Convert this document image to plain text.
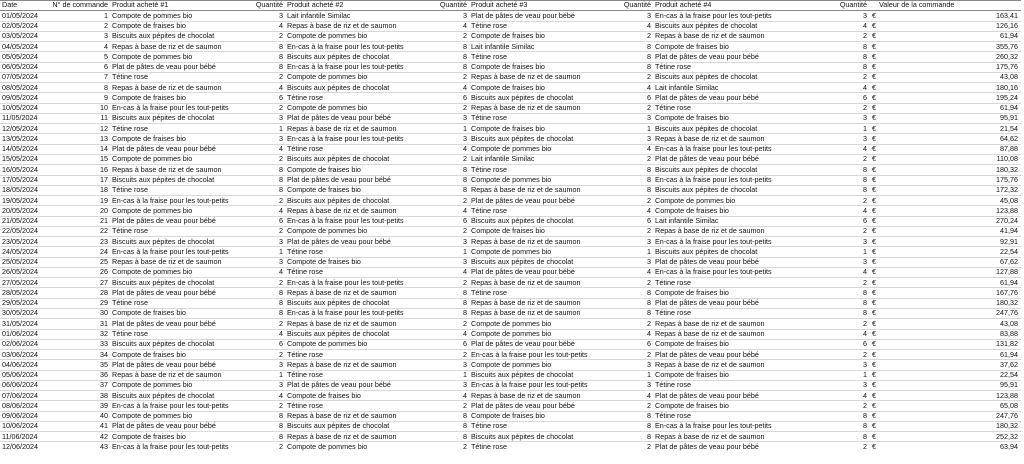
Date	N° de commande	Produit acheté #1	Quantité	Produit acheté #2	Quantité	Produit acheté #3	Quantité	Produit acheté #4	Quantité	Valeur de la commande	
01/05/2024	1	Compote de pommes bio	3	Lait infantile Similac	3	Plat de pâtes de veau pour bébé	3	En-cas à la fraise pour les tout-petits	3	€	163,41
02/05/2024	2	Compote de fraises bio	4	Repas à base de riz et de saumon	4	Tétine rose	4	Biscuits aux pépites de chocolat	4	€	126,16
03/05/2024	3	Biscuits aux pépites de chocolat	2	Compote de pommes bio	2	Compote de fraises bio	2	Repas à base de riz et de saumon	2	€	61,94
04/05/2024	4	Repas à base de riz et de saumon	8	En-cas à la fraise pour les tout-petits	8	Lait infantile Similac	8	Compote de fraises bio	8	€	355,76
05/05/2024	5	Compote de pommes bio	8	Biscuits aux pépites de chocolat	8	Tétine rose	8	Plat de pâtes de veau pour bébé	8	€	260,32
06/05/2024	6	Plat de pâtes de veau pour bébé	8	En-cas à la fraise pour les tout-petits	8	Compote de fraises bio	8	Tétine rose	8	€	175,76
07/05/2024	7	Tétine rose	2	Compote de pommes bio	2	Repas à base de riz et de saumon	2	Biscuits aux pépites de chocolat	2	€	43,08
08/05/2024	8	Repas à base de riz et de saumon	4	Biscuits aux pépites de chocolat	4	Compote de fraises bio	4	Lait infantile Similac	4	€	180,16
09/05/2024	9	Compote de fraises bio	6	Tétine rose	6	Biscuits aux pépites de chocolat	6	Plat de pâtes de veau pour bébé	6	€	195,24
10/05/2024	10	En-cas à la fraise pour les tout-petits	2	Compote de pommes bio	2	Repas à base de riz et de saumon	2	Tétine rose	2	€	61,94
11/05/2024	11	Biscuits aux pépites de chocolat	3	Plat de pâtes de veau pour bébé	3	Tétine rose	3	Compote de fraises bio	3	€	95,91
12/05/2024	12	Tétine rose	1	Repas à base de riz et de saumon	1	Compote de fraises bio	1	Biscuits aux pépites de chocolat	1	€	21,54
13/05/2024	13	Compote de fraises bio	3	En-cas à la fraise pour les tout-petits	3	Biscuits aux pépites de chocolat	3	Repas à base de riz et de saumon	3	€	64,62
14/05/2024	14	Plat de pâtes de veau pour bébé	4	Tétine rose	4	Compote de pommes bio	4	En-cas à la fraise pour les tout-petits	4	€	87,88
15/05/2024	15	Compote de pommes bio	2	Biscuits aux pépites de chocolat	2	Lait infantile Similac	2	Plat de pâtes de veau pour bébé	2	€	110,08
16/05/2024	16	Repas à base de riz et de saumon	8	Compote de fraises bio	8	Tétine rose	8	Biscuits aux pépites de chocolat	8	€	180,32
17/05/2024	17	Biscuits aux pépites de chocolat	8	Plat de pâtes de veau pour bébé	8	Compote de pommes bio	8	En-cas à la fraise pour les tout-petits	8	€	175,76
18/05/2024	18	Tétine rose	8	Compote de fraises bio	8	Repas à base de riz et de saumon	8	Biscuits aux pépites de chocolat	8	€	172,32
19/05/2024	19	En-cas à la fraise pour les tout-petits	2	Biscuits aux pépites de chocolat	2	Plat de pâtes de veau pour bébé	2	Compote de pommes bio	2	€	45,08
20/05/2024	20	Compote de pommes bio	4	Repas à base de riz et de saumon	4	Tétine rose	4	Compote de fraises bio	4	€	123,88
21/05/2024	21	Plat de pâtes de veau pour bébé	6	En-cas à la fraise pour les tout-petits	6	Biscuits aux pépites de chocolat	6	Lait infantile Similac	6	€	270,24
22/05/2024	22	Tétine rose	2	Compote de pommes bio	2	Compote de fraises bio	2	Repas à base de riz et de saumon	2	€	41,94
23/05/2024	23	Biscuits aux pépites de chocolat	3	Plat de pâtes de veau pour bébé	3	Repas à base de riz et de saumon	3	En-cas à la fraise pour les tout-petits	3	€	92,91
24/05/2024	24	En-cas à la fraise pour les tout-petits	1	Tétine rose	1	Compote de pommes bio	1	Biscuits aux pépites de chocolat	1	€	22,54
25/05/2024	25	Repas à base de riz et de saumon	3	Compote de fraises bio	3	Biscuits aux pépites de chocolat	3	Plat de pâtes de veau pour bébé	3	€	67,62
26/05/2024	26	Compote de pommes bio	4	Tétine rose	4	Plat de pâtes de veau pour bébé	4	En-cas à la fraise pour les tout-petits	4	€	127,88
27/05/2024	27	Biscuits aux pépites de chocolat	2	En-cas à la fraise pour les tout-petits	2	Repas à base de riz et de saumon	2	Tétine rose	2	€	61,94
28/05/2024	28	Plat de pâtes de veau pour bébé	8	Repas à base de riz et de saumon	8	Tétine rose	8	Compote de fraises bio	8	€	167,76
29/05/2024	29	Tétine rose	8	Biscuits aux pépites de chocolat	8	Repas à base de riz et de saumon	8	Plat de pâtes de veau pour bébé	8	€	180,32
30/05/2024	30	Compote de fraises bio	8	En-cas à la fraise pour les tout-petits	8	Repas à base de riz et de saumon	8	Tétine rose	8	€	247,76
31/05/2024	31	Plat de pâtes de veau pour bébé	2	Repas à base de riz et de saumon	2	Compote de pommes bio	2	Repas à base de riz et de saumon	2	€	43,08
01/06/2024	32	Tétine rose	4	Biscuits aux pépites de chocolat	4	Compote de pommes bio	4	Repas à base de riz et de saumon	4	€	83,88
02/06/2024	33	Biscuits aux pépites de chocolat	6	Compote de pommes bio	6	Plat de pâtes de veau pour bébé	6	Compote de fraises bio	6	€	131,82
03/06/2024	34	Compote de fraises bio	2	Tétine rose	2	En-cas à la fraise pour les tout-petits	2	Plat de pâtes de veau pour bébé	2	€	61,94
04/06/2024	35	Plat de pâtes de veau pour bébé	3	Repas à base de riz et de saumon	3	Compote de pommes bio	3	Repas à base de riz et de saumon	3	€	37,62
05/06/2024	36	Repas à base de riz et de saumon	1	Tétine rose	1	Biscuits aux pépites de chocolat	1	Compote de fraises bio	1	€	22,54
06/06/2024	37	Compote de pommes bio	3	Plat de pâtes de veau pour bébé	3	En-cas à la fraise pour les tout-petits	3	Tétine rose	3	€	95,91
07/06/2024	38	Biscuits aux pépites de chocolat	4	Compote de fraises bio	4	Repas à base de riz et de saumon	4	Plat de pâtes de veau pour bébé	4	€	123,88
08/06/2024	39	En-cas à la fraise pour les tout-petits	2	Tétine rose	2	Plat de pâtes de veau pour bébé	2	Compote de fraises bio	2	€	65,08
09/06/2024	40	Compote de pommes bio	8	Repas à base de riz et de saumon	8	Compote de fraises bio	8	Tétine rose	8	€	247,76
10/06/2024	41	Plat de pâtes de veau pour bébé	8	Biscuits aux pépites de chocolat	8	Tétine rose	8	En-cas à la fraise pour les tout-petits	8	€	180,32
11/06/2024	42	Compote de fraises bio	8	Repas à base de riz et de saumon	8	Biscuits aux pépites de chocolat	8	Repas à base de riz et de saumon	8	€	252,32
12/06/2024	43	En-cas à la fraise pour les tout-petits	2	Compote de pommes bio	2	Tétine rose	2	Plat de pâtes de veau pour bébé	2	€	63,94
